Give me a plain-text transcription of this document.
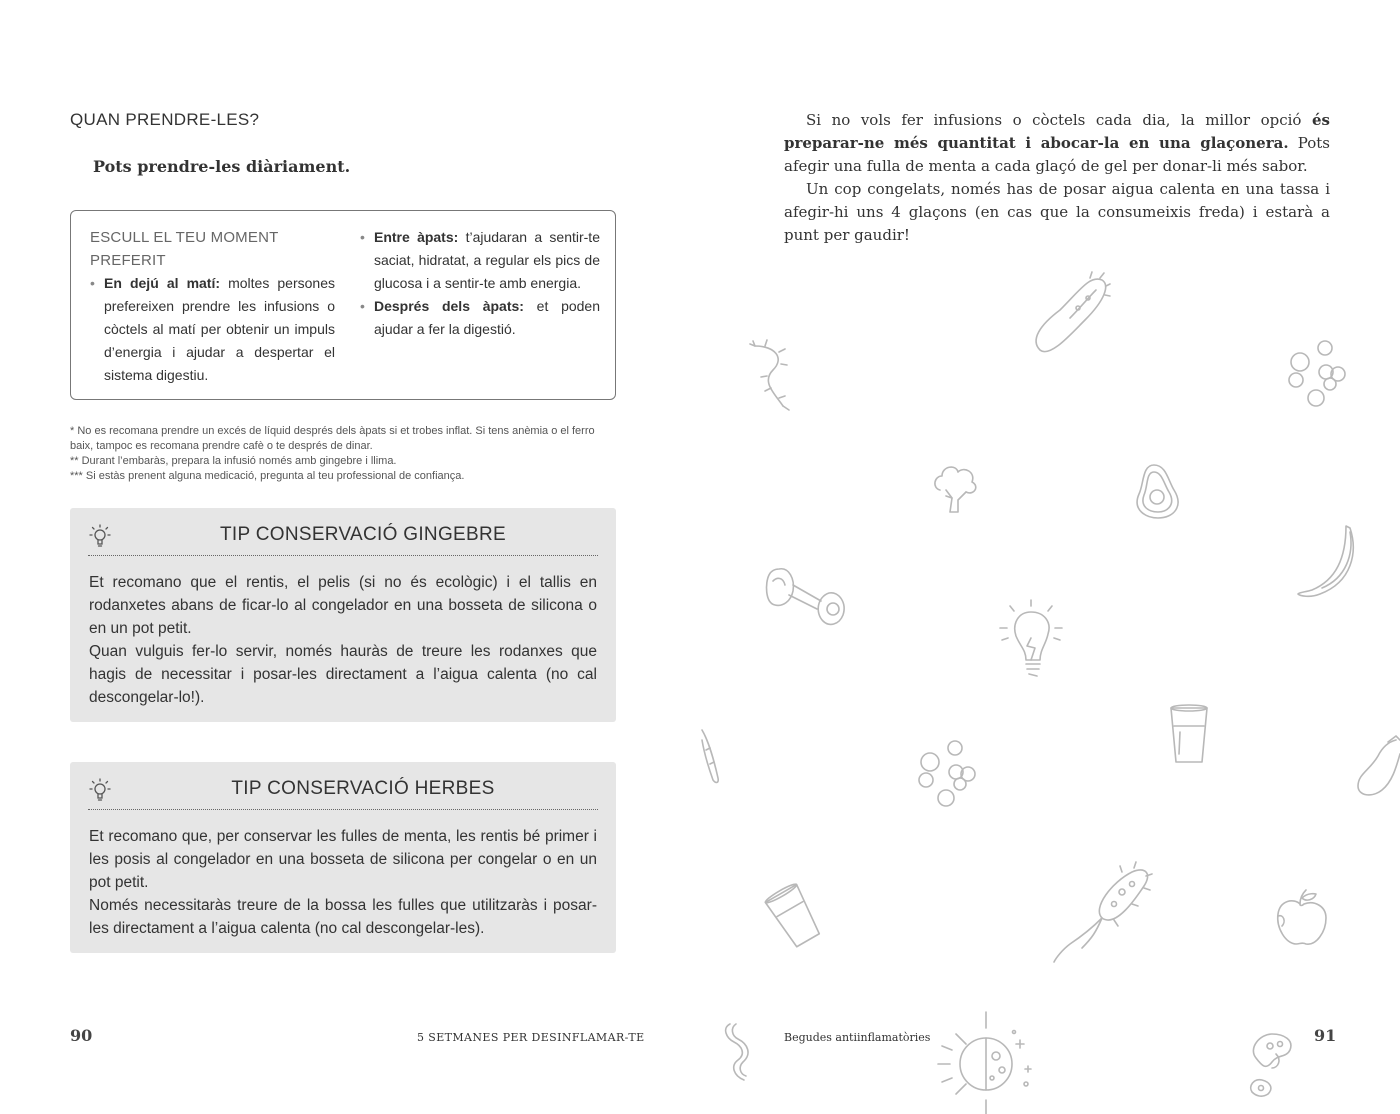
QUAN PRENDRE-LES?
Pots prendre-les diàriament.
ESCULL EL TEU MOMENT
PREFERIT
• En dejú al matí: moltes persones prefereixen prendre les infusions o còctels al matí per obtenir un impuls d’energia i ajudar a despertar el sistema digestiu.
• Entre àpats: t’ajudaran a sentir-te saciat, hidratat, a regular els pics de glucosa i a sentir-te amb energia.
• Després dels àpats: et poden ajudar a fer la digestió.
* No es recomana prendre un excés de líquid després dels àpats si et trobes inflat. Si tens anèmia o el ferro baix, tampoc es recomana prendre cafè o te després de dinar.
** Durant l’embaràs, prepara la infusió només amb gingebre i llima.
*** Si estàs prenent alguna medicació, pregunta al teu professional de confiança.
TIP CONSERVACIÓ GINGEBRE

Et recomano que el rentis, el pelis (si no és ecològic) i el tallis en rodanxetes abans de ficar-lo al congelador en una bosseta de silicona o en un pot petit.

Quan vulguis fer-lo servir, només hauràs de treure les rodanxes que hagis de necessitar i posar-les directament a l’aigua calenta (no cal descongelar-lo!).

TIP CONSERVACIÓ HERBES

Et recomano que, per conservar les fulles de menta, les rentis bé primer i les posis al congelador en una bosseta de silicona per congelar o en un pot petit.

Només necessitaràs treure de la bossa les fulles que utilitzaràs i posar-les directament a l’aigua calenta (no cal descongelar-les).

90	5 SETMANES PER DESINFLAMAR-TE

Si no vols fer infusions o còctels cada dia, la millor opció és preparar-ne més quantitat i abocar-la en una glaçonera. Pots afegir una fulla de menta a cada glaçó de gel per donar-li més sabor.

Un cop congelats, només has de posar aigua calenta en una tassa i afegir-hi uns 4 glaçons (en cas que la consumeixis freda) i estarà a punt per gaudir!

Begudes antiinflamatòries	91
